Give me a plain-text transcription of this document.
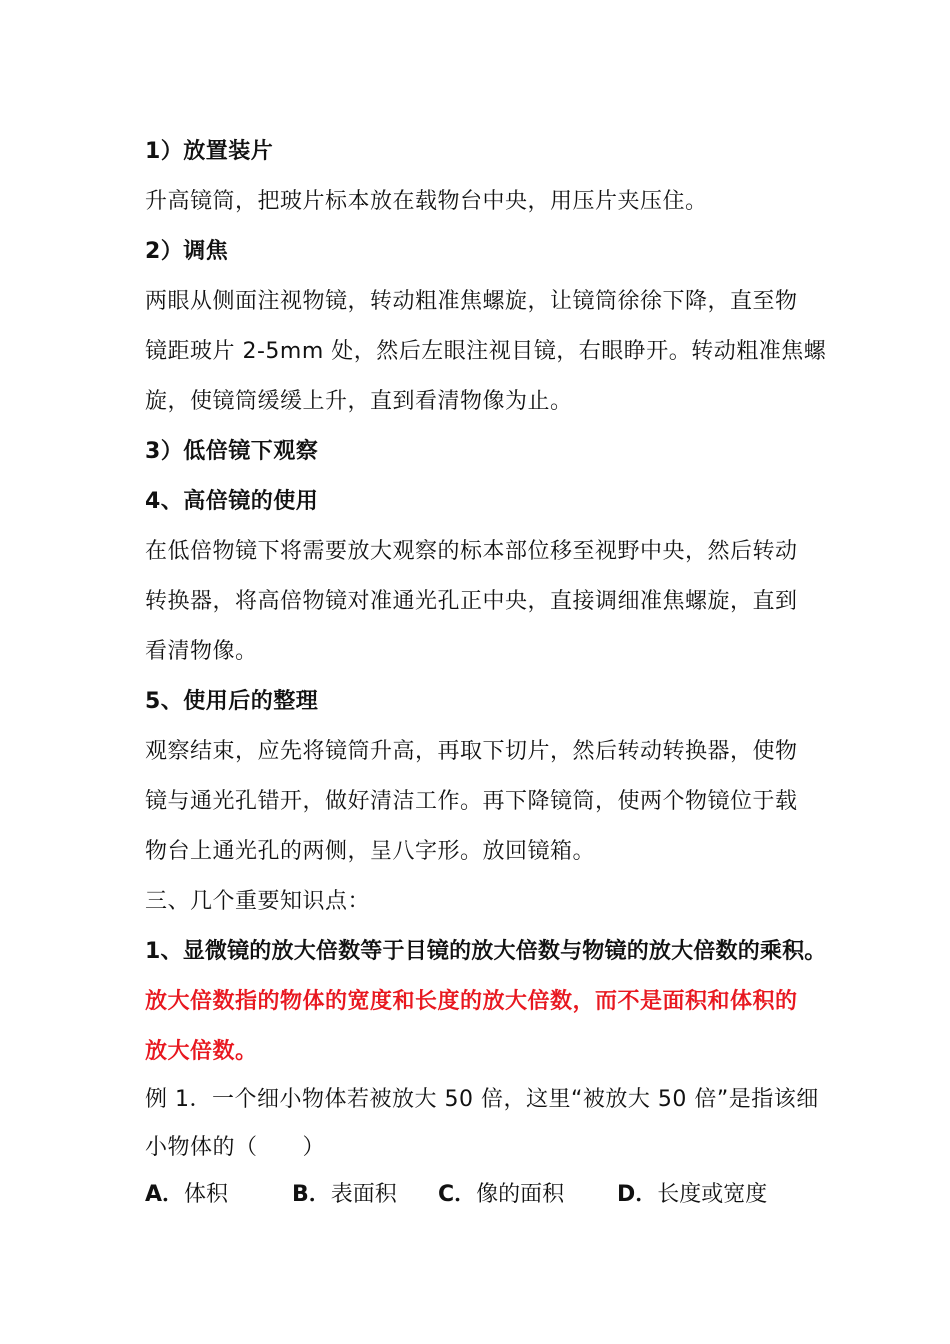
1）放置装片
升高镜筒，把玻片标本放在载物台中央，用压片夹压住。
2）调焦
两眼从侧面注视物镜，转动粗准焦螺旋，让镜筒徐徐下降，直至物
镜距玻片 2-5mm 处，然后左眼注视目镜，右眼睁开。转动粗准焦螺
旋，使镜筒缓缓上升，直到看清物像为止。
3）低倍镜下观察
4、高倍镜的使用
在低倍物镜下将需要放大观察的标本部位移至视野中央，然后转动
转换器，将高倍物镜对准通光孔正中央，直接调细准焦螺旋，直到
看清物像。
5、使用后的整理
观察结束，应先将镜筒升高，再取下切片，然后转动转换器，使物
镜与通光孔错开，做好清洁工作。再下降镜筒，使两个物镜位于载
物台上通光孔的两侧，呈八字形。放回镜箱。
三、几个重要知识点：
1、显微镜的放大倍数等于目镜的放大倍数与物镜的放大倍数的乘积。
放大倍数指的物体的宽度和长度的放大倍数，而不是面积和体积的
放大倍数。
例 1．一个细小物体若被放大 50 倍，这里“被放大 50 倍”是指该细
小物体的（　　）
A．体积	B．表面积 C．像的面积 D．长度或宽度
